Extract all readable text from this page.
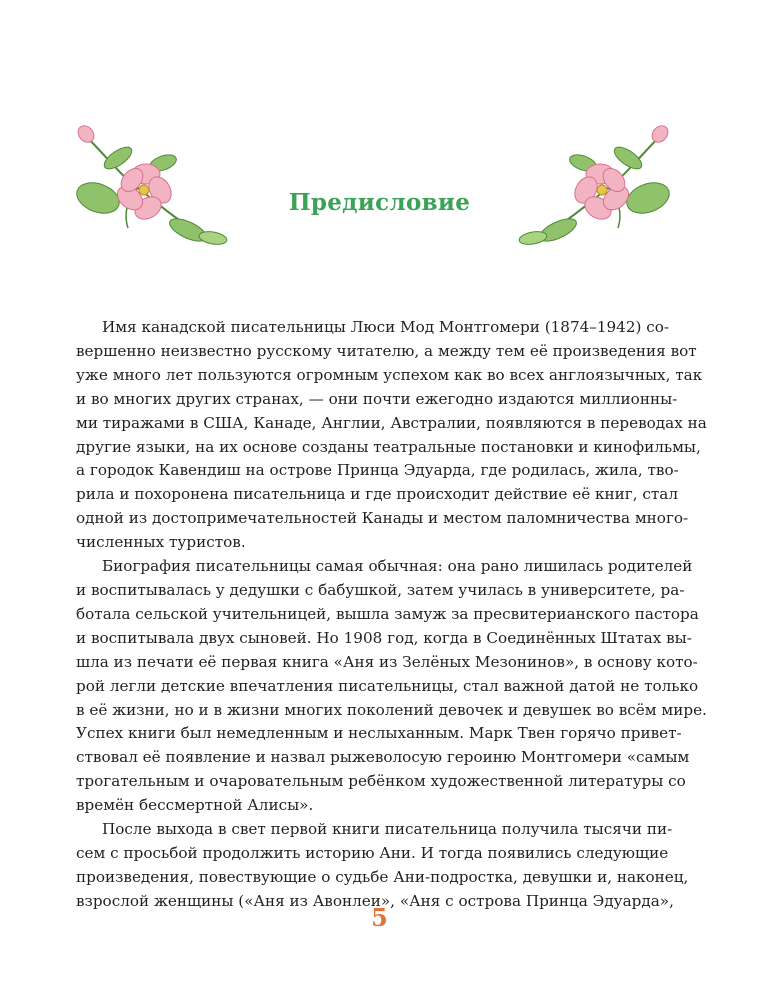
Предисловие
Имя канадской писательницы Люси Мод Монтгомери (1874–1942) со-
вершенно неизвестно русскому читателю, а между тем её произведения вот
уже много лет пользуются огромным успехом как во всех англоязычных, так
и во многих других странах, — они почти ежегодно издаются миллионны-
ми тиражами в США, Канаде, Англии, Австралии, появляются в переводах на
другие языки, на их основе созданы театральные постановки и кинофильмы,
а городок Кавендиш на острове Принца Эдуарда, где родилась, жила, тво-
рила и похоронена писательница и где происходит действие её книг, стал
одной из достопримечательностей Канады и местом паломничества много-
численных туристов.
Биография писательницы самая обычная: она рано лишилась родителей
и воспитывалась у дедушки с бабушкой, затем училась в университете, ра-
ботала сельской учительницей, вышла замуж за пресвитерианского пастора
и воспитывала двух сыновей. Но 1908 год, когда в Соединённых Штатах вы-
шла из печати её первая книга «Аня из Зелёных Мезонинов», в основу кото-
рой легли детские впечатления писательницы, стал важной датой не только
в её жизни, но и в жизни многих поколений девочек и девушек во всём мире.
Успех книги был немедленным и неслыханным. Марк Твен горячо привет-
ствовал её появление и назвал рыжеволосую героиню Монтгомери «самым
трогательным и очаровательным ребёнком художественной литературы со
времён бессмертной Алисы».
После выхода в свет первой книги писательница получила тысячи пи-
сем с просьбой продолжить историю Ани. И тогда появились следующие
произведения, повествующие о судьбе Ани-подростка, девушки и, наконец,
взрослой женщины («Аня из Авонлеи», «Аня с острова Принца Эдуарда»,
5
